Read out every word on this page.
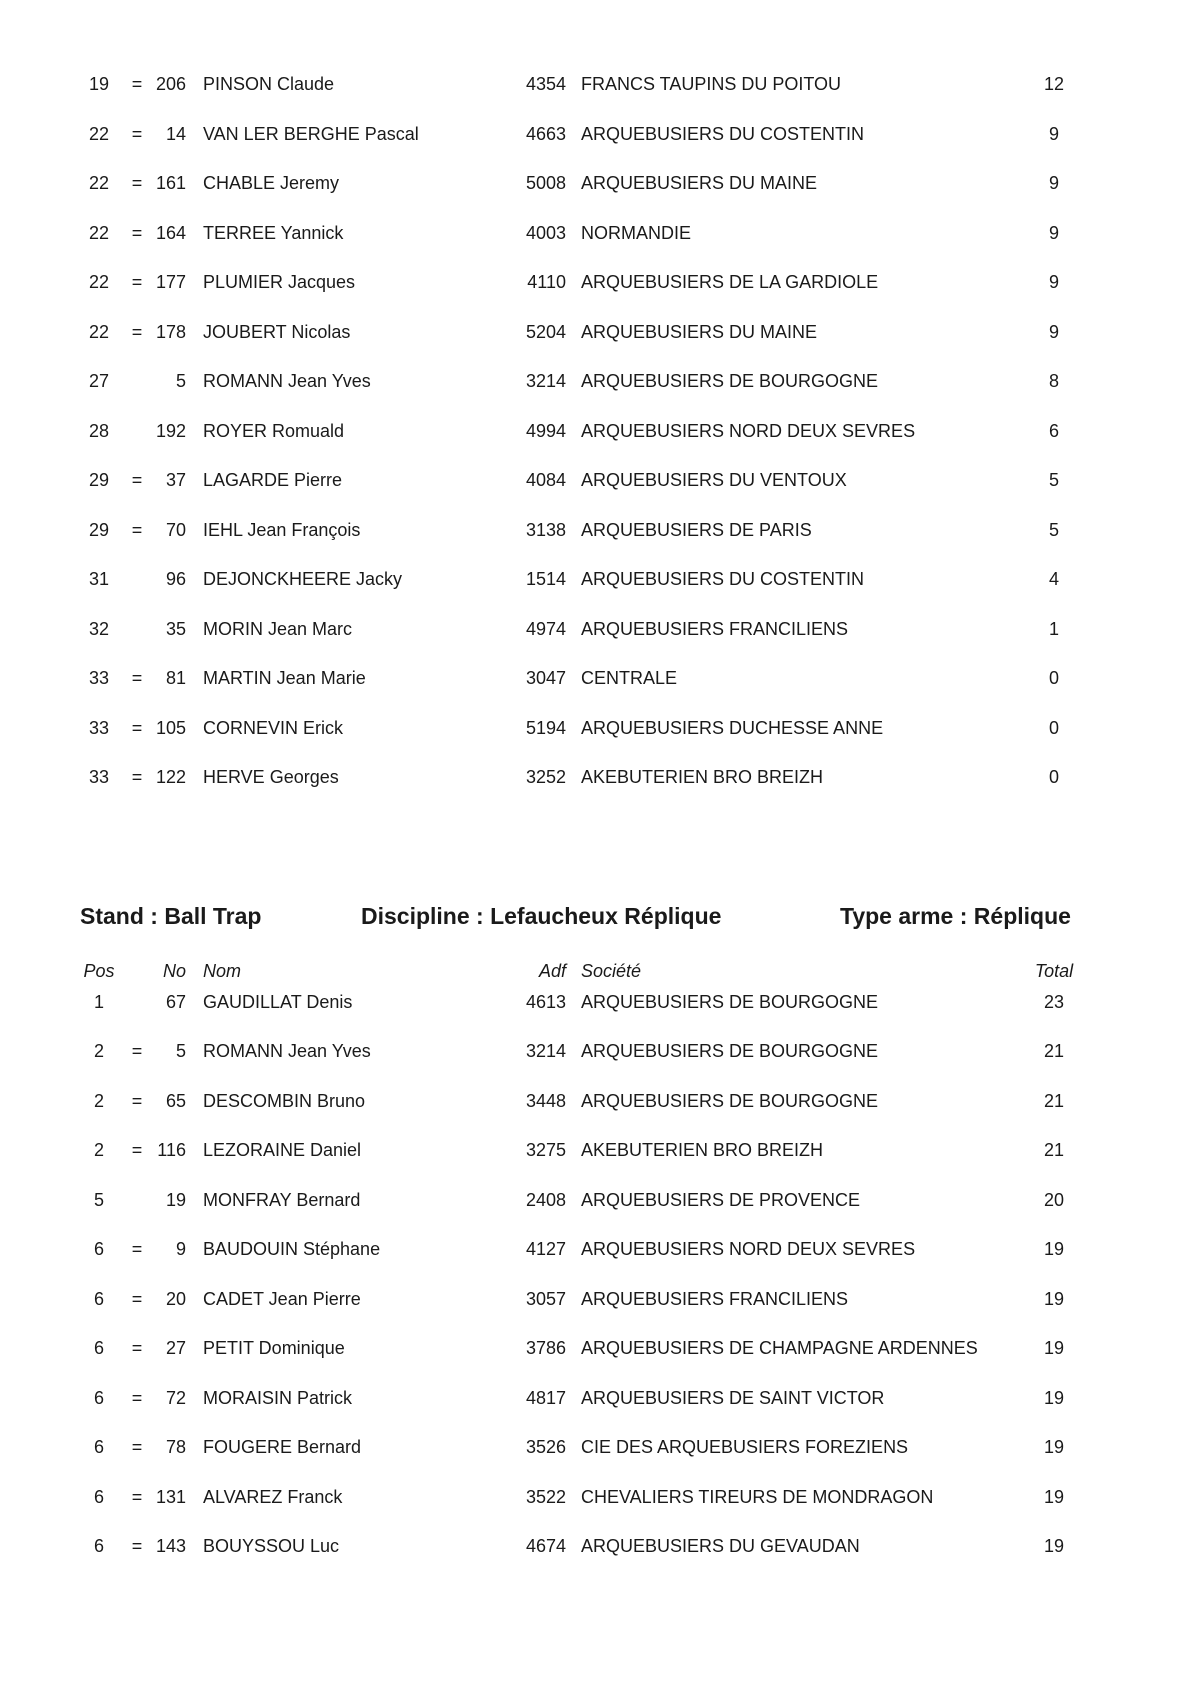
19	= 206 PINSON Claude	4354 FRANCS TAUPINS DU POITOU	12
22	=	14 VAN LER BERGHE Pascal	4663 ARQUEBUSIERS DU COSTENTIN	9
22	= 161 CHABLE Jeremy	5008 ARQUEBUSIERS DU MAINE	9
22	= 164 TERREE Yannick	4003 NORMANDIE	9
22	= 177 PLUMIER Jacques	4110 ARQUEBUSIERS DE LA GARDIOLE	9
22	= 178 JOUBERT Nicolas	5204 ARQUEBUSIERS DU MAINE	9
27	5 ROMANN Jean Yves	3214 ARQUEBUSIERS DE BOURGOGNE	8
28	192 ROYER Romuald	4994 ARQUEBUSIERS NORD DEUX SEVRES	6
29	=	37 LAGARDE Pierre	4084 ARQUEBUSIERS DU VENTOUX	5
29	=	70 IEHL Jean François	3138 ARQUEBUSIERS DE PARIS	5
31	96 DEJONCKHEERE Jacky	1514 ARQUEBUSIERS DU COSTENTIN	4
32	35 MORIN Jean Marc	4974 ARQUEBUSIERS FRANCILIENS	1
33	=	81 MARTIN Jean Marie	3047 CENTRALE	0
33	= 105 CORNEVIN Erick	5194 ARQUEBUSIERS DUCHESSE ANNE	0
33	= 122 HERVE Georges	3252 AKEBUTERIEN BRO BREIZH	0
Stand : Ball Trap	Discipline : Lefaucheux Réplique	Type arme : Réplique
Pos	No Nom	Adf Société	Total
1	67 GAUDILLAT Denis	4613 ARQUEBUSIERS DE BOURGOGNE	23
2	=	5 ROMANN Jean Yves	3214 ARQUEBUSIERS DE BOURGOGNE	21
2	=	65 DESCOMBIN Bruno	3448 ARQUEBUSIERS DE BOURGOGNE	21
2	= 116 LEZORAINE Daniel	3275 AKEBUTERIEN BRO BREIZH	21
5	19 MONFRAY Bernard	2408 ARQUEBUSIERS DE PROVENCE	20
6	=	9 BAUDOUIN Stéphane	4127 ARQUEBUSIERS NORD DEUX SEVRES	19
6	=	20 CADET Jean Pierre	3057 ARQUEBUSIERS FRANCILIENS	19
6	=	27 PETIT Dominique	3786 ARQUEBUSIERS DE CHAMPAGNE ARDENNES	19
6	=	72 MORAISIN Patrick	4817 ARQUEBUSIERS DE SAINT VICTOR	19
6	=	78 FOUGERE Bernard	3526 CIE DES ARQUEBUSIERS FOREZIENS	19
6	= 131 ALVAREZ Franck	3522 CHEVALIERS TIREURS DE MONDRAGON	19
6	= 143 BOUYSSOU Luc	4674 ARQUEBUSIERS DU GEVAUDAN	19
